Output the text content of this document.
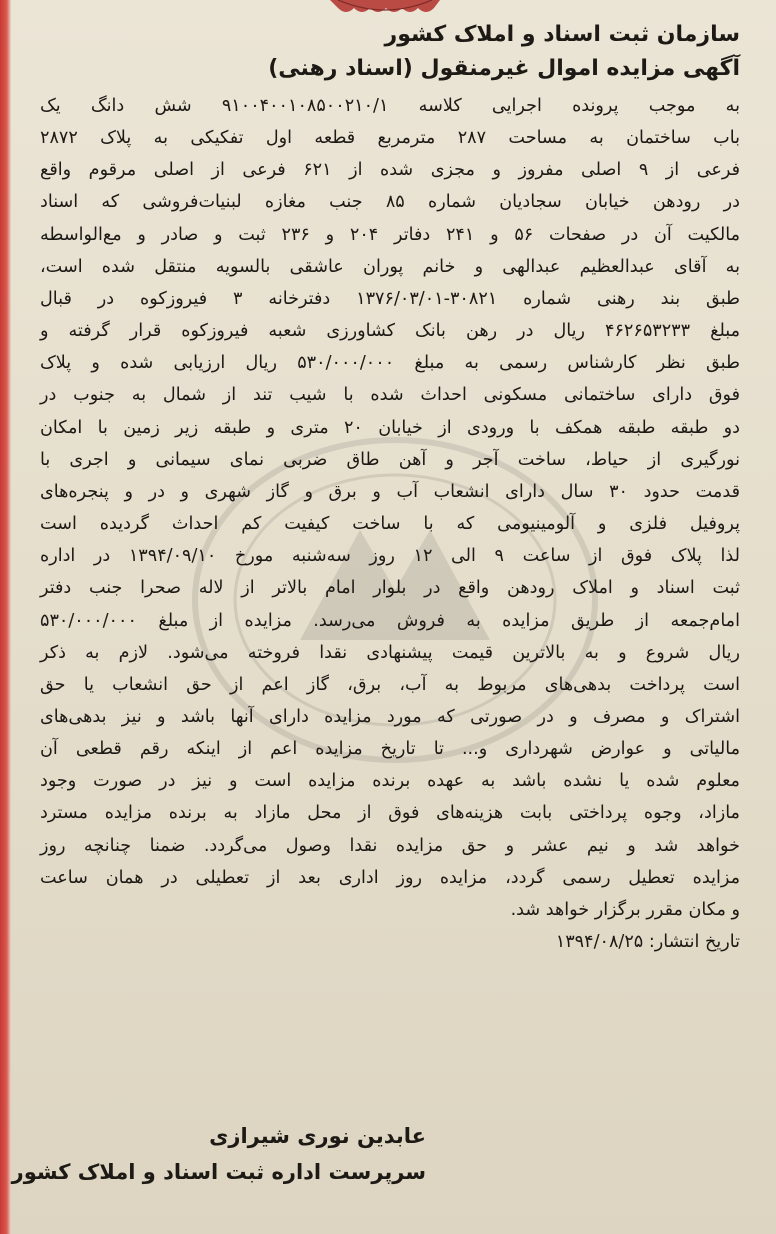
سازمان ثبت اسناد و املاک کشور
آگهی مزایده اموال غیرمنقول (اسناد رهنی)
به موجب پرونده اجرایی کلاسه ۹۱۰۰۴۰۰۱۰۸۵۰۰۲۱۰/۱ شش دانگ یک
باب ساختمان به مساحت ۲۸۷ مترمربع قطعه اول تفکیکی به پلاک ۲۸۷۲
فرعی از ۹ اصلی مفروز و مجزی شده از ۶۲۱ فرعی از اصلی مرقوم واقع
در رودهن خیابان سجادیان شماره ۸۵ جنب مغازه لبنیات‌فروشی که اسناد
مالکیت آن در صفحات ۵۶ و ۲۴۱ دفاتر ۲۰۴ و ۲۳۶ ثبت و صادر و مع‌الواسطه
به آقای عبدالعظیم عبدالهی و خانم پوران عاشقی بالسویه منتقل شده است،
طبق بند رهنی شماره ۳۰۸۲۱-۱۳۷۶/۰۳/۰۱ دفترخانه ۳ فیروزکوه در قبال
مبلغ ۴۶۲۶۵۳۲۳۳ ریال در رهن بانک کشاورزی شعبه فیروزکوه قرار گرفته و
طبق نظر کارشناس رسمی به مبلغ ۵۳۰/۰۰۰/۰۰۰ ریال ارزیابی شده و پلاک
فوق دارای ساختمانی مسکونی احداث شده با شیب تند از شمال به جنوب در
دو طبقه طبقه همکف با ورودی از خیابان ۲۰ متری و طبقه زیر زمین با امکان
نورگیری از حیاط، ساخت آجر و آهن طاق ضربی نمای سیمانی و اجری با
قدمت حدود ۳۰ سال دارای انشعاب آب و برق و گاز شهری و در و پنجره‌های
پروفیل فلزی و آلومینیومی که با ساخت کیفیت کم احداث گردیده است
لذا پلاک فوق از ساعت ۹ الی ۱۲ روز سه‌شنبه مورخ ۱۳۹۴/۰۹/۱۰ در اداره
ثبت اسناد و املاک رودهن واقع در بلوار امام بالاتر از لاله صحرا جنب دفتر
امام‌جمعه از طریق مزایده به فروش می‌رسد. مزایده از مبلغ ۵۳۰/۰۰۰/۰۰۰
ریال شروع و به بالاترین قیمت پیشنهادی نقدا فروخته می‌شود. لازم به ذکر
است پرداخت بدهی‌های مربوط به آب، برق، گاز اعم از حق انشعاب یا حق
اشتراک و مصرف و در صورتی که مورد مزایده دارای آنها باشد و نیز بدهی‌های
مالیاتی و عوارض شهرداری و... تا تاریخ مزایده اعم از اینکه رقم قطعی آن
معلوم شده یا نشده باشد به عهده برنده مزایده است و نیز در صورت وجود
مازاد، وجوه پرداختی بابت هزینه‌های فوق از محل مازاد به برنده مزایده مسترد
خواهد شد و نیم عشر و حق مزایده نقدا وصول می‌گردد. ضمنا چنانچه روز
مزایده تعطیل رسمی گردد، مزایده روز اداری بعد از تعطیلی در همان ساعت
و مکان مقرر برگزار خواهد شد.
تاریخ انتشار: ۱۳۹۴/۰۸/۲۵
عابدین نوری شیرازی
سرپرست اداره ثبت اسناد و املاک کشور
